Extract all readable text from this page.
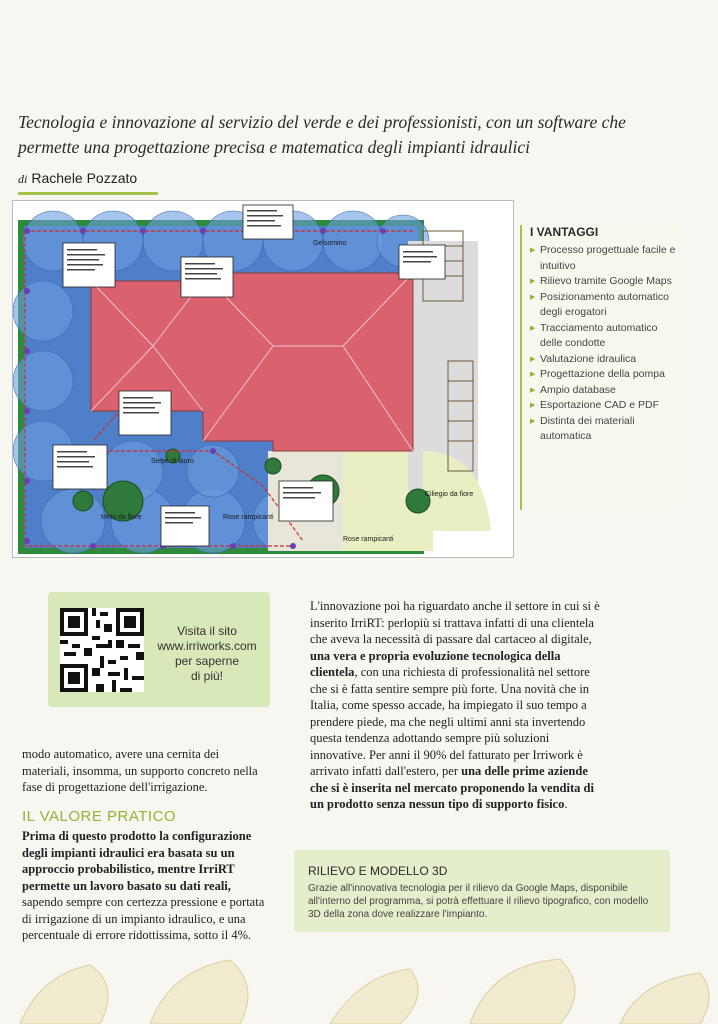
Tecnologia e innovazione al servizio del verde e dei professionisti, con un software che permette una progettazione precisa e matematica degli impianti idraulici
di Rachele Pozzato
Melo da fiore	Rose rampicanti
Rose rampicanti
Ciliegio da fiore
Gelsomino
Siepe di lauro
I VANTAGGI
▶ Processo progettuale facile e intuitivo
▶ Rilievo tramite Google Maps
▶ Posizionamento automatico degli erogatori
▶ Tracciamento automatico delle condotte
▶ Valutazione idraulica
▶ Progettazione della pompa
▶ Ampio database
▶ Esportazione CAD e PDF
▶ Distinta dei materiali automatica
Visita il sito
www.irriworks.com
per saperne
di più!
modo automatico, avere una cernita dei materiali, insomma, un supporto concreto nella fase di progettazione dell'irrigazione.
IL VALORE PRATICO
Prima di questo prodotto la configurazione degli impianti idraulici era basata su un approccio probabilistico, mentre IrriRT permette un lavoro basato su dati reali, sapendo sempre con certezza pressione e portata di irrigazione di un impianto idraulico, e una percentuale di errore ridottissima, sotto il 4%.
L'innovazione poi ha riguardato anche il settore in cui si è inserito IrriRT: perlopiù si trattava infatti di una clientela che aveva la necessità di passare dal cartaceo al digitale, una vera e propria evoluzione tecnologica della clientela, con una richiesta di professionalità nel settore che si è fatta sentire sempre più forte. Una novità che in Italia, come spesso accade, ha impiegato il suo tempo a prendere piede, ma che negli ultimi anni sta invertendo questa tendenza adottando sempre più soluzioni innovative. Per anni il 90% del fatturato per Irriwork è arrivato infatti dall'estero, per una delle prime aziende che si è inserita nel mercato proponendo la vendita di un prodotto senza nessun tipo di supporto fisico.
RILIEVO E MODELLO 3D

Grazie all'innovativa tecnologia per il rilievo da Google Maps, disponibile all'interno del programma, si potrà effettuare il rilievo tipografico, con modello 3D della zona dove realizzare l'impianto.
